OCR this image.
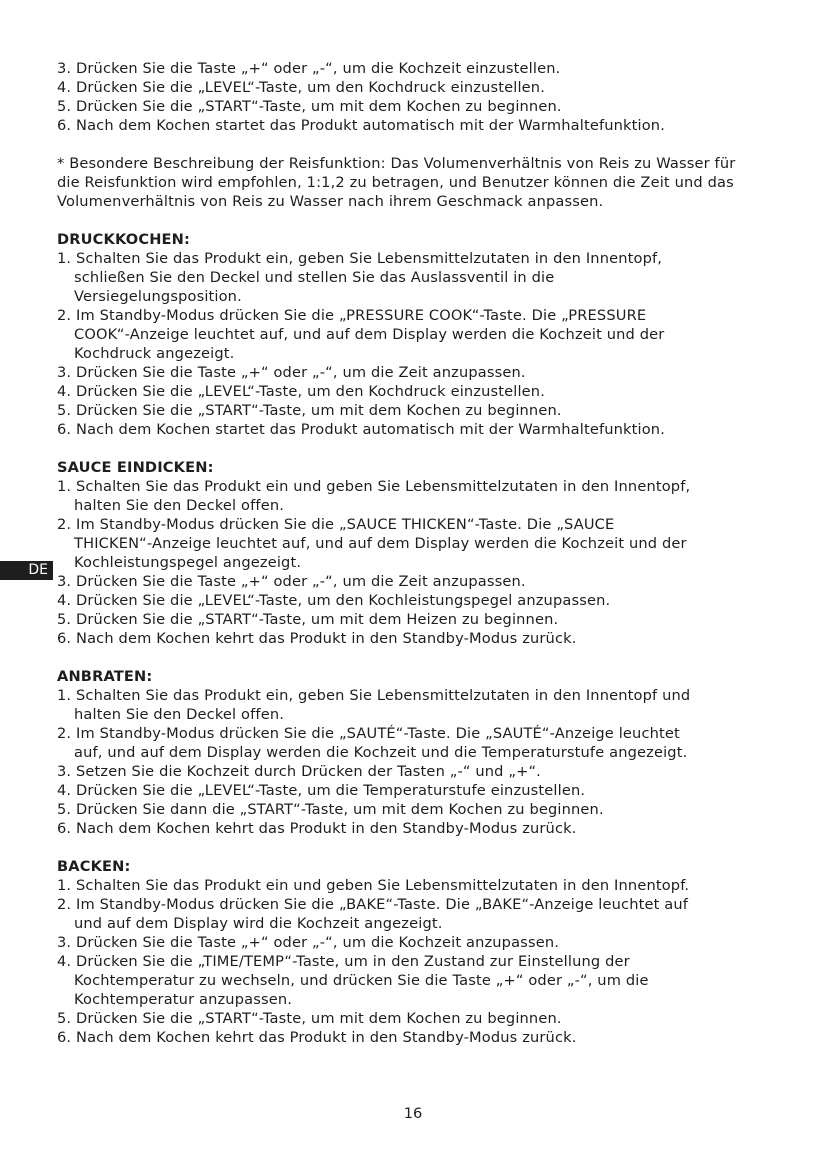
3. Drücken Sie die Taste „+“ oder „-“, um die Kochzeit einzustellen.
4. Drücken Sie die „LEVEL“-Taste, um den Kochdruck einzustellen.
5. Drücken Sie die „START“-Taste, um mit dem Kochen zu beginnen.
6. Nach dem Kochen startet das Produkt automatisch mit der Warmhaltefunktion.
* Besondere Beschreibung der Reisfunktion: Das Volumenverhältnis von Reis zu Wasser für
die Reisfunktion wird empfohlen, 1:1,2 zu betragen, und Benutzer können die Zeit und das
Volumenverhältnis von Reis zu Wasser nach ihrem Geschmack anpassen.
DRUCKKOCHEN:
1. Schalten Sie das Produkt ein, geben Sie Lebensmittelzutaten in den Innentopf,
schließen Sie den Deckel und stellen Sie das Auslassventil in die
Versiegelungsposition.
2. Im Standby-Modus drücken Sie die „PRESSURE COOK“-Taste. Die „PRESSURE
COOK“-Anzeige leuchtet auf, und auf dem Display werden die Kochzeit und der
Kochdruck angezeigt.
3. Drücken Sie die Taste „+“ oder „-“, um die Zeit anzupassen.
4. Drücken Sie die „LEVEL“-Taste, um den Kochdruck einzustellen.
5. Drücken Sie die „START“-Taste, um mit dem Kochen zu beginnen.
6. Nach dem Kochen startet das Produkt automatisch mit der Warmhaltefunktion.
SAUCE EINDICKEN:
1. Schalten Sie das Produkt ein und geben Sie Lebensmittelzutaten in den Innentopf,
halten Sie den Deckel offen.
2. Im Standby-Modus drücken Sie die „SAUCE THICKEN“-Taste. Die „SAUCE
THICKEN“-Anzeige leuchtet auf, und auf dem Display werden die Kochzeit und der
Kochleistungspegel angezeigt.
3. Drücken Sie die Taste „+“ oder „-“, um die Zeit anzupassen.
4. Drücken Sie die „LEVEL“-Taste, um den Kochleistungspegel anzupassen.
5. Drücken Sie die „START“-Taste, um mit dem Heizen zu beginnen.
6. Nach dem Kochen kehrt das Produkt in den Standby-Modus zurück.
ANBRATEN:
1. Schalten Sie das Produkt ein, geben Sie Lebensmittelzutaten in den Innentopf und
halten Sie den Deckel offen.
2. Im Standby-Modus drücken Sie die „SAUTÉ“-Taste. Die „SAUTÉ“-Anzeige leuchtet
auf, und auf dem Display werden die Kochzeit und die Temperaturstufe angezeigt.
3. Setzen Sie die Kochzeit durch Drücken der Tasten „-“ und „+“.
4. Drücken Sie die „LEVEL“-Taste, um die Temperaturstufe einzustellen.
5. Drücken Sie dann die „START“-Taste, um mit dem Kochen zu beginnen.
6. Nach dem Kochen kehrt das Produkt in den Standby-Modus zurück.
BACKEN:
1. Schalten Sie das Produkt ein und geben Sie Lebensmittelzutaten in den Innentopf.
2. Im Standby-Modus drücken Sie die „BAKE“-Taste. Die „BAKE“-Anzeige leuchtet auf
und auf dem Display wird die Kochzeit angezeigt.
3. Drücken Sie die Taste „+“ oder „-“, um die Kochzeit anzupassen.
4. Drücken Sie die „TIME/TEMP“-Taste, um in den Zustand zur Einstellung der
Kochtemperatur zu wechseln, und drücken Sie die Taste „+“ oder „-“, um die
Kochtemperatur anzupassen.
5. Drücken Sie die „START“-Taste, um mit dem Kochen zu beginnen.
6. Nach dem Kochen kehrt das Produkt in den Standby-Modus zurück.
DE
16
